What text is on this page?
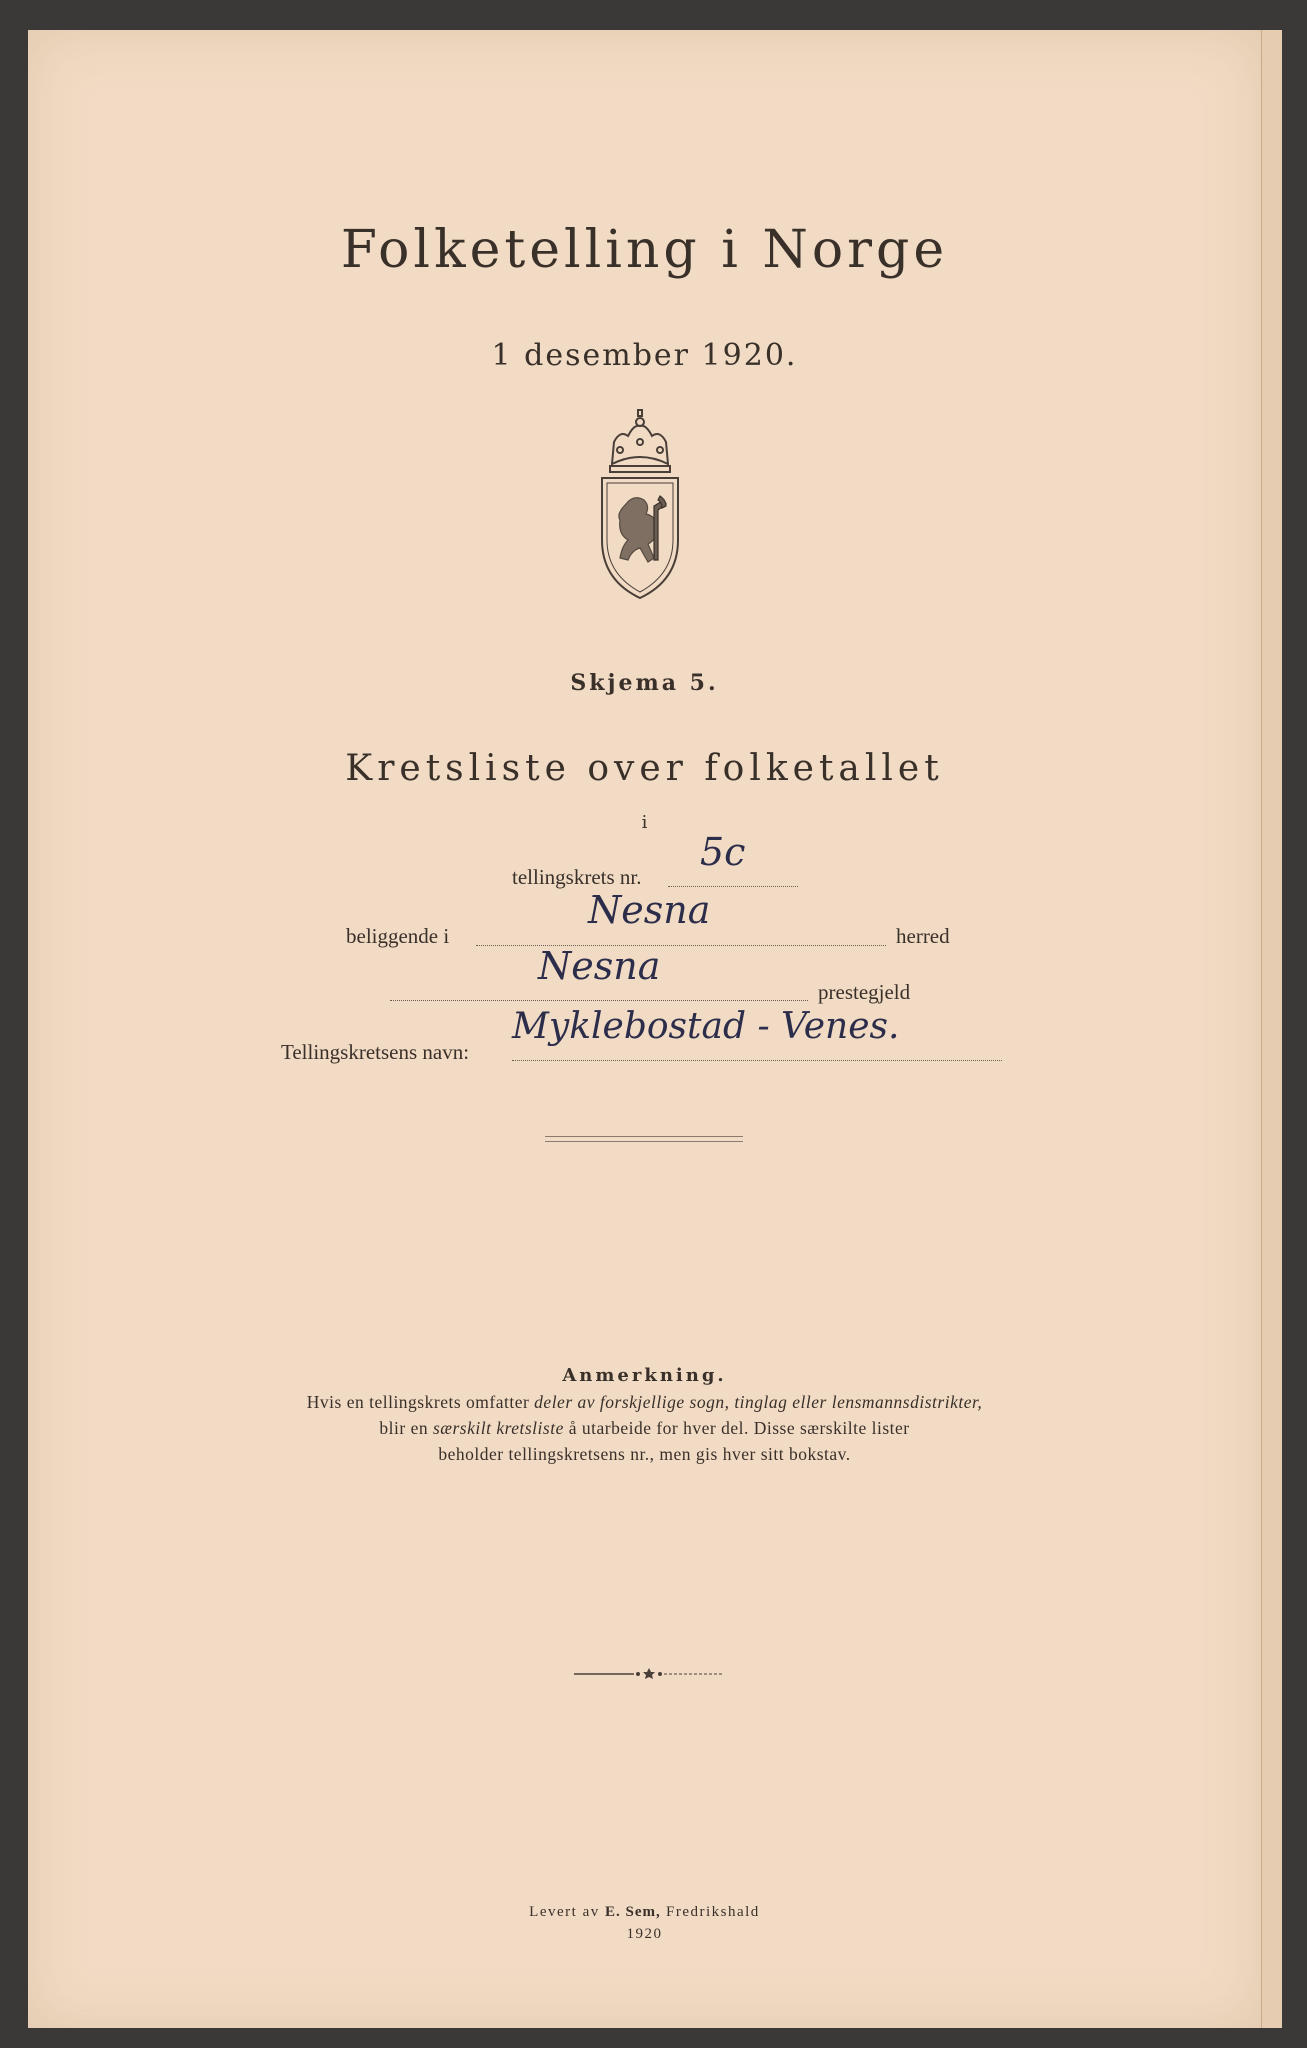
Folketelling i Norge
1 desember 1920.
Skjema 5.
Kretsliste over folketallet
i
tellingskrets nr.
5c
beliggende i
Nesna
herred
Nesna
prestegjeld
Tellingskretsens navn:
Myklebostad - Venes.
Anmerkning.
Hvis en tellingskrets omfatter deler av forskjellige sogn, tinglag eller lensmannsdistrikter,
blir en særskilt kretsliste å utarbeide for hver del. Disse særskilte lister
beholder tellingskretsens nr., men gis hver sitt bokstav.
Levert av E. Sem, Fredrikshald
1920
